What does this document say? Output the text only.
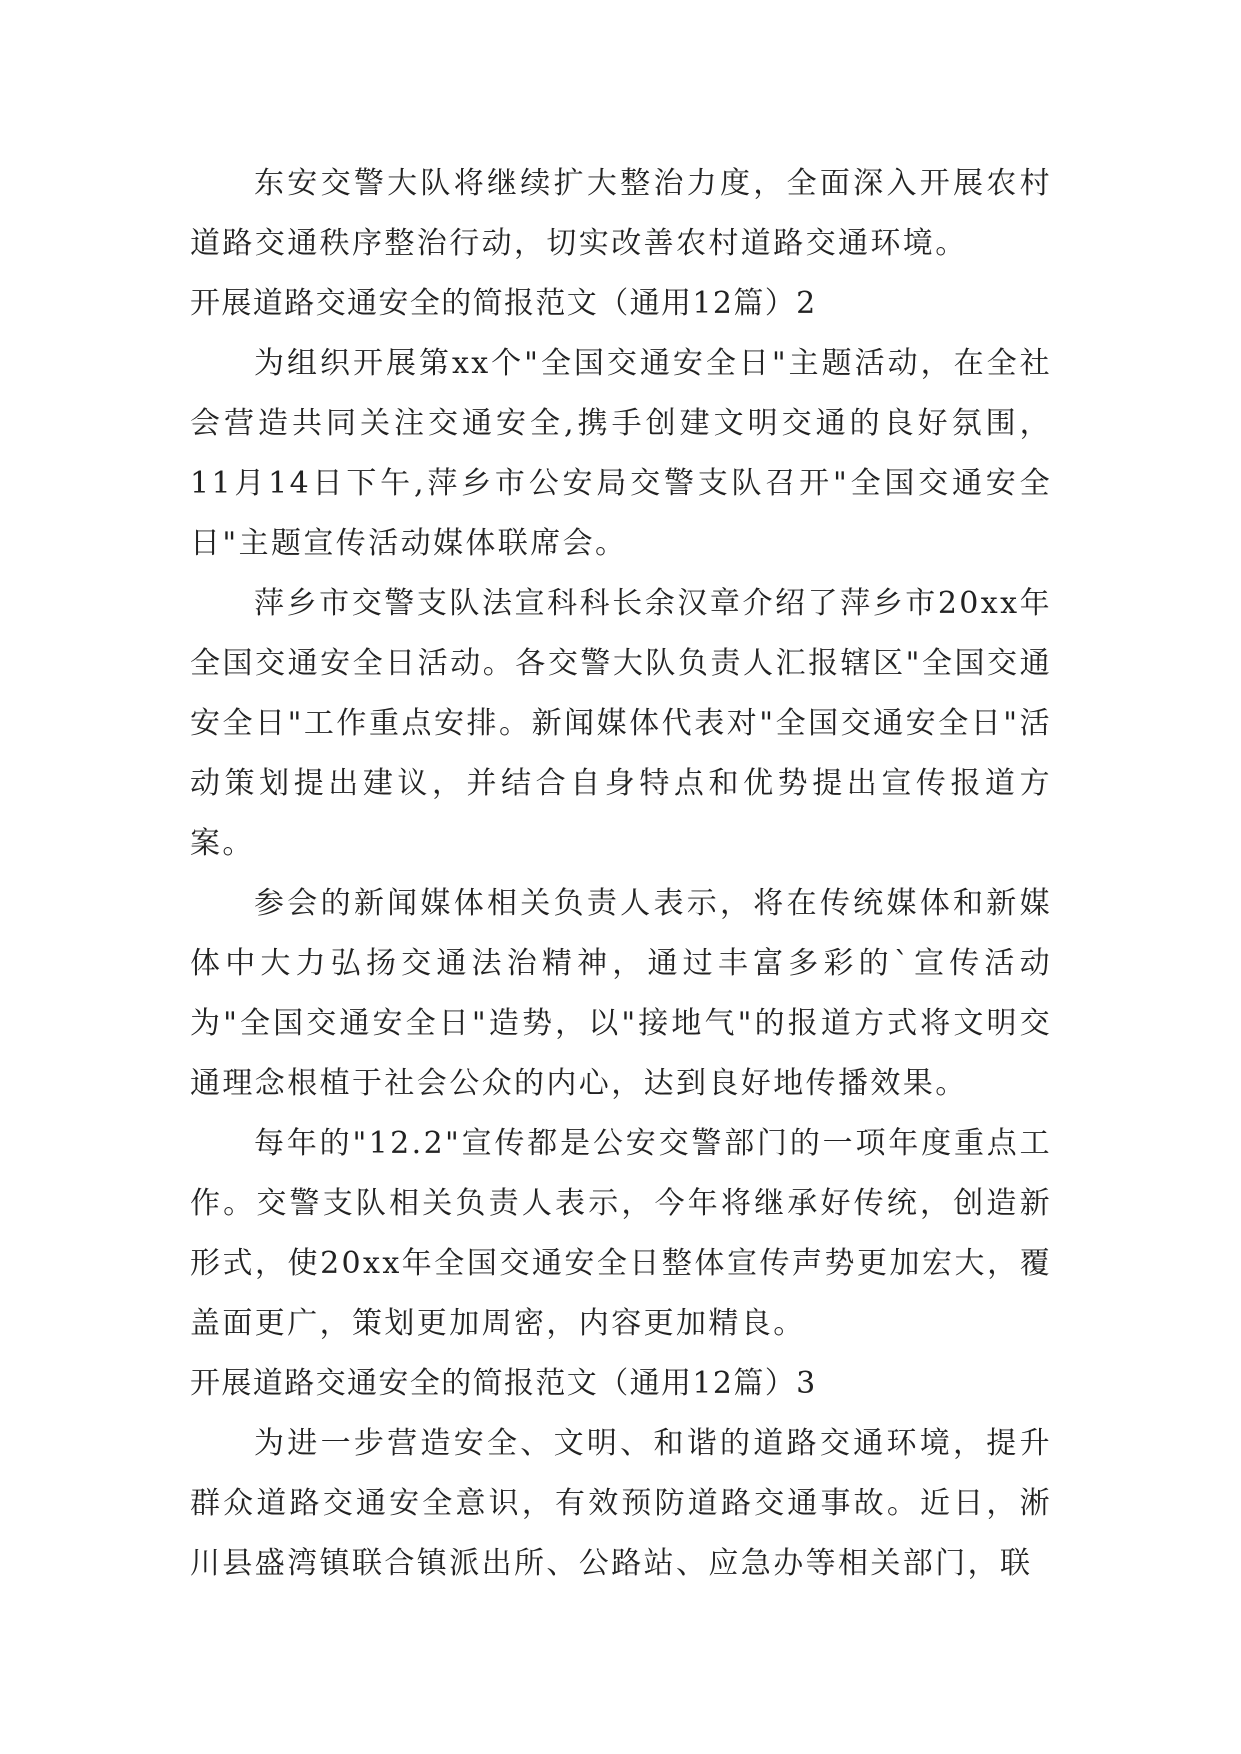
东安交警大队将继续扩大整治力度，全面深入开展农村道路交通秩序整治行动，切实改善农村道路交通环境。

开展道路交通安全的简报范文（通用12篇）2

为组织开展第xx个"全国交通安全日"主题活动，在全社会营造共同关注交通安全,携手创建文明交通的良好氛围，11月14日下午,萍乡市公安局交警支队召开"全国交通安全日"主题宣传活动媒体联席会。

萍乡市交警支队法宣科科长余汉章介绍了萍乡市20xx年全国交通安全日活动。各交警大队负责人汇报辖区"全国交通安全日"工作重点安排。新闻媒体代表对"全国交通安全日"活动策划提出建议，并结合自身特点和优势提出宣传报道方案。

参会的新闻媒体相关负责人表示，将在传统媒体和新媒体中大力弘扬交通法治精神，通过丰富多彩的`宣传活动为"全国交通安全日"造势，以"接地气"的报道方式将文明交通理念根植于社会公众的内心，达到良好地传播效果。

每年的"12.2"宣传都是公安交警部门的一项年度重点工作。交警支队相关负责人表示，今年将继承好传统，创造新形式，使20xx年全国交通安全日整体宣传声势更加宏大，覆盖面更广，策划更加周密，内容更加精良。

开展道路交通安全的简报范文（通用12篇）3

为进一步营造安全、文明、和谐的道路交通环境，提升群众道路交通安全意识，有效预防道路交通事故。近日，淅川县盛湾镇联合镇派出所、公路站、应急办等相关部门，联
